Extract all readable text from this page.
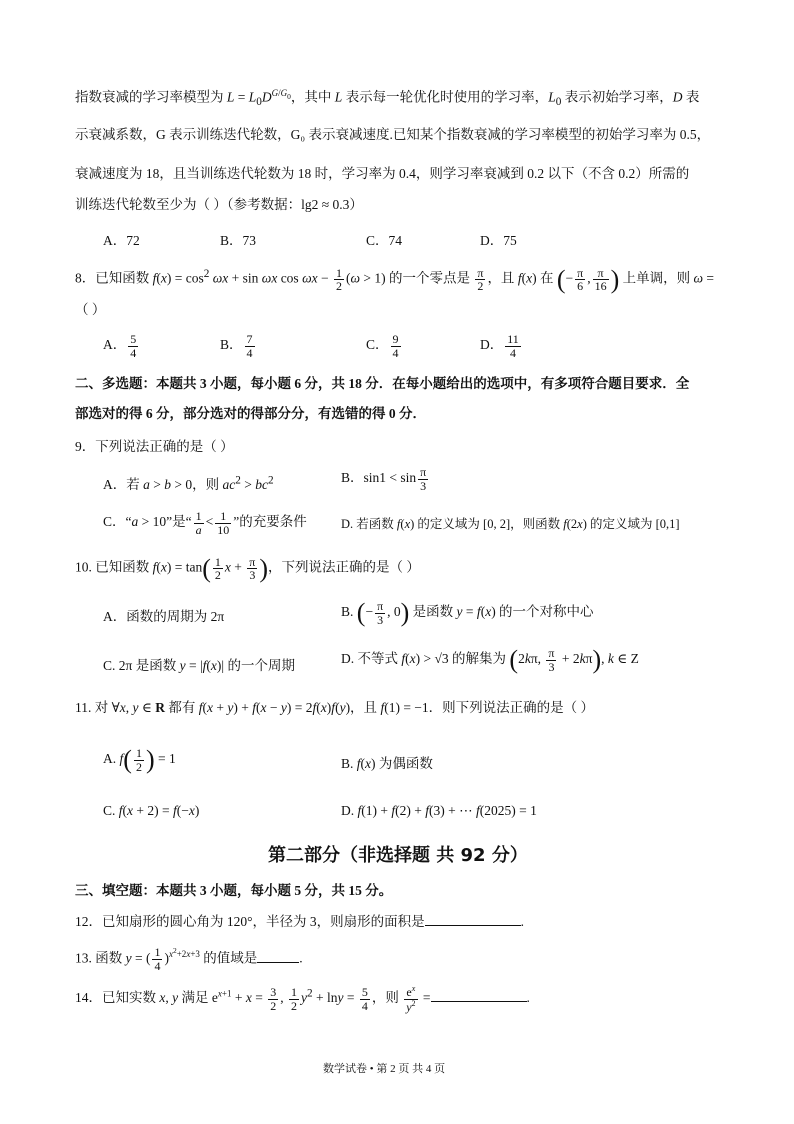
指数衰减的学习率模型为 $L = L_0D^{G/G_0}$，其中 L 表示每一轮优化时使用的学习率，$L_0$ 表示初始学习率，D 表
示衰减系数，G 表示训练迭代轮数，G₀ 表示衰减速度.已知某个指数衰减的学习率模型的初始学习率为 0.5，
衰减速度为 18，且当训练迭代轮数为 18 时，学习率为 0.4，则学习率衰减到 0.2 以下（不含 0.2）所需的
训练迭代轮数至少为（ ）（参考数据：lg2 ≈ 0.3）
A．72	B．73	C．74	D．75
8．已知函数 $f(x) = \cos^2 \omega x + \sin \omega x$ $\cos \omega x - \frac{1}{2} (\omega > 1)$ 的一个零点是 $\frac{\pi}{2}$ ，且 f(x) 在 (− $\frac{\pi}{6}$ , $\frac{\pi}{16}$ ) 上单调，则 ω =
（ ）
A． $\frac{5}{4}$	B． $\frac{7}{4}$	C． $\frac{9}{4}$	D． $\frac{11}{4}$
二、多选题：本题共 3 小题，每小题 6 分，共 18 分．在每小题给出的选项中，有多项符合题目要求．全
部选对的得 6 分，部分选对的得部分分，有选错的得 0 分．
9．下列说法正确的是（ ）
A．若 a > b > 0，则 $ac^2 > bc^2$	B．$\sin 1 < \sin \frac{\pi}{3}$
C．“a > 10”是“ $\frac{1}{a} < \frac{1}{10}$ ”的充要条件	D. 若函数 f(x) 的定义域为 [0, 2]，则函数 f(2x) 的定义域为 [0,1]
10. 已知函数 $f(x) = \tan( \frac{1}{2}$ $x + \frac{\pi}{3}$ )，下列说法正确的是（ ）
A．函数的周期为 2π	B. (− $\frac{\pi}{3}$ , 0) 是函数 y = f(x) 的一个对称中心
C. 2π 是函数 y = |f(x)| 的一个周期	D. 不等式 f(x) > √3 的解集为 (2kπ, $\frac{\pi}{3} + 2k\pi$), k ∈ Z
11. 对 ∀x, y ∈ R 都有 f(x + y) + f(x − y) = 2f(x)f(y)，且 f(1) = −1．则下列说法正确的是（ ）
A. $f( \frac{1}{2}$ ) = 1	B. f(x) 为偶函数
C. f(x + 2) = f(−x)	D. f(1) + f(2) + f(3) + ⋯ f(2025) = 1
第二部分（非选择题 共 92 分）
三、填空题：本题共 3 小题，每小题 5 分，共 15 分。
12．已知扇形的圆心角为 120°，半径为 3，则扇形的面积是	.
13. 函数 y = ( $\frac{1}{4} )^{x^2+2x+3}$ 的值域是	.
14．已知实数 x, y 满足 $e^{x+1} + x = \frac{3}{2}$ , $\frac{1}{2} y^2 + \ln y = \frac{5}{4}$ ，则 $\frac{e^x}{y^2}$ =	.
数学试卷 • 第 2 页 共 4 页
